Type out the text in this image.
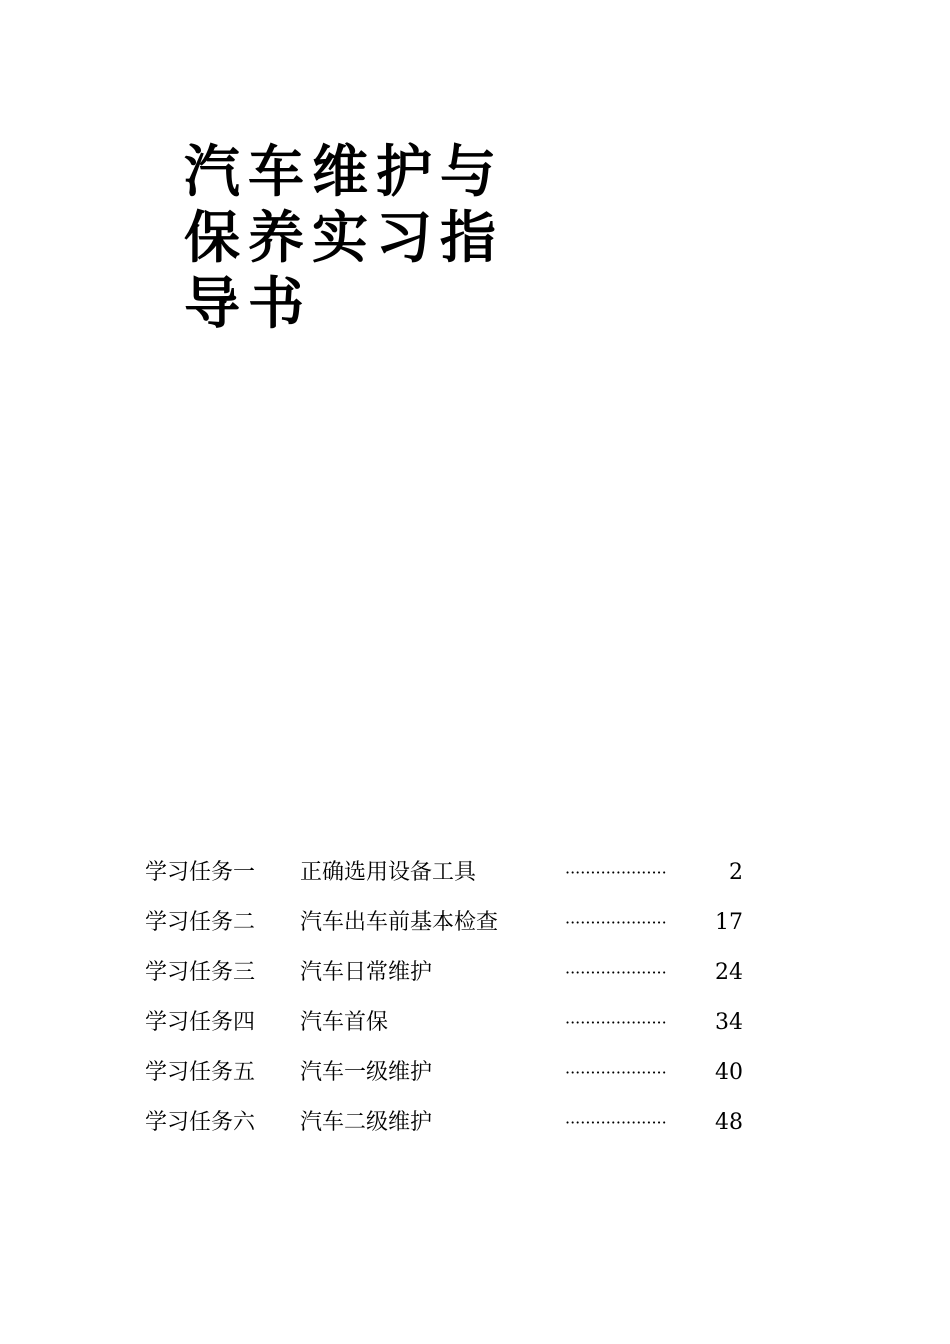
汽车维护与
保养实习指
导书
学习任务一 正确选用设备工具	····················	2
学习任务二 汽车出车前基本检查	···················· 17
学习任务三 汽车日常维护	···················· 24
学习任务四 汽车首保	···················· 34
学习任务五 汽车一级维护	···················· 40
学习任务六 汽车二级维护	···················· 48
